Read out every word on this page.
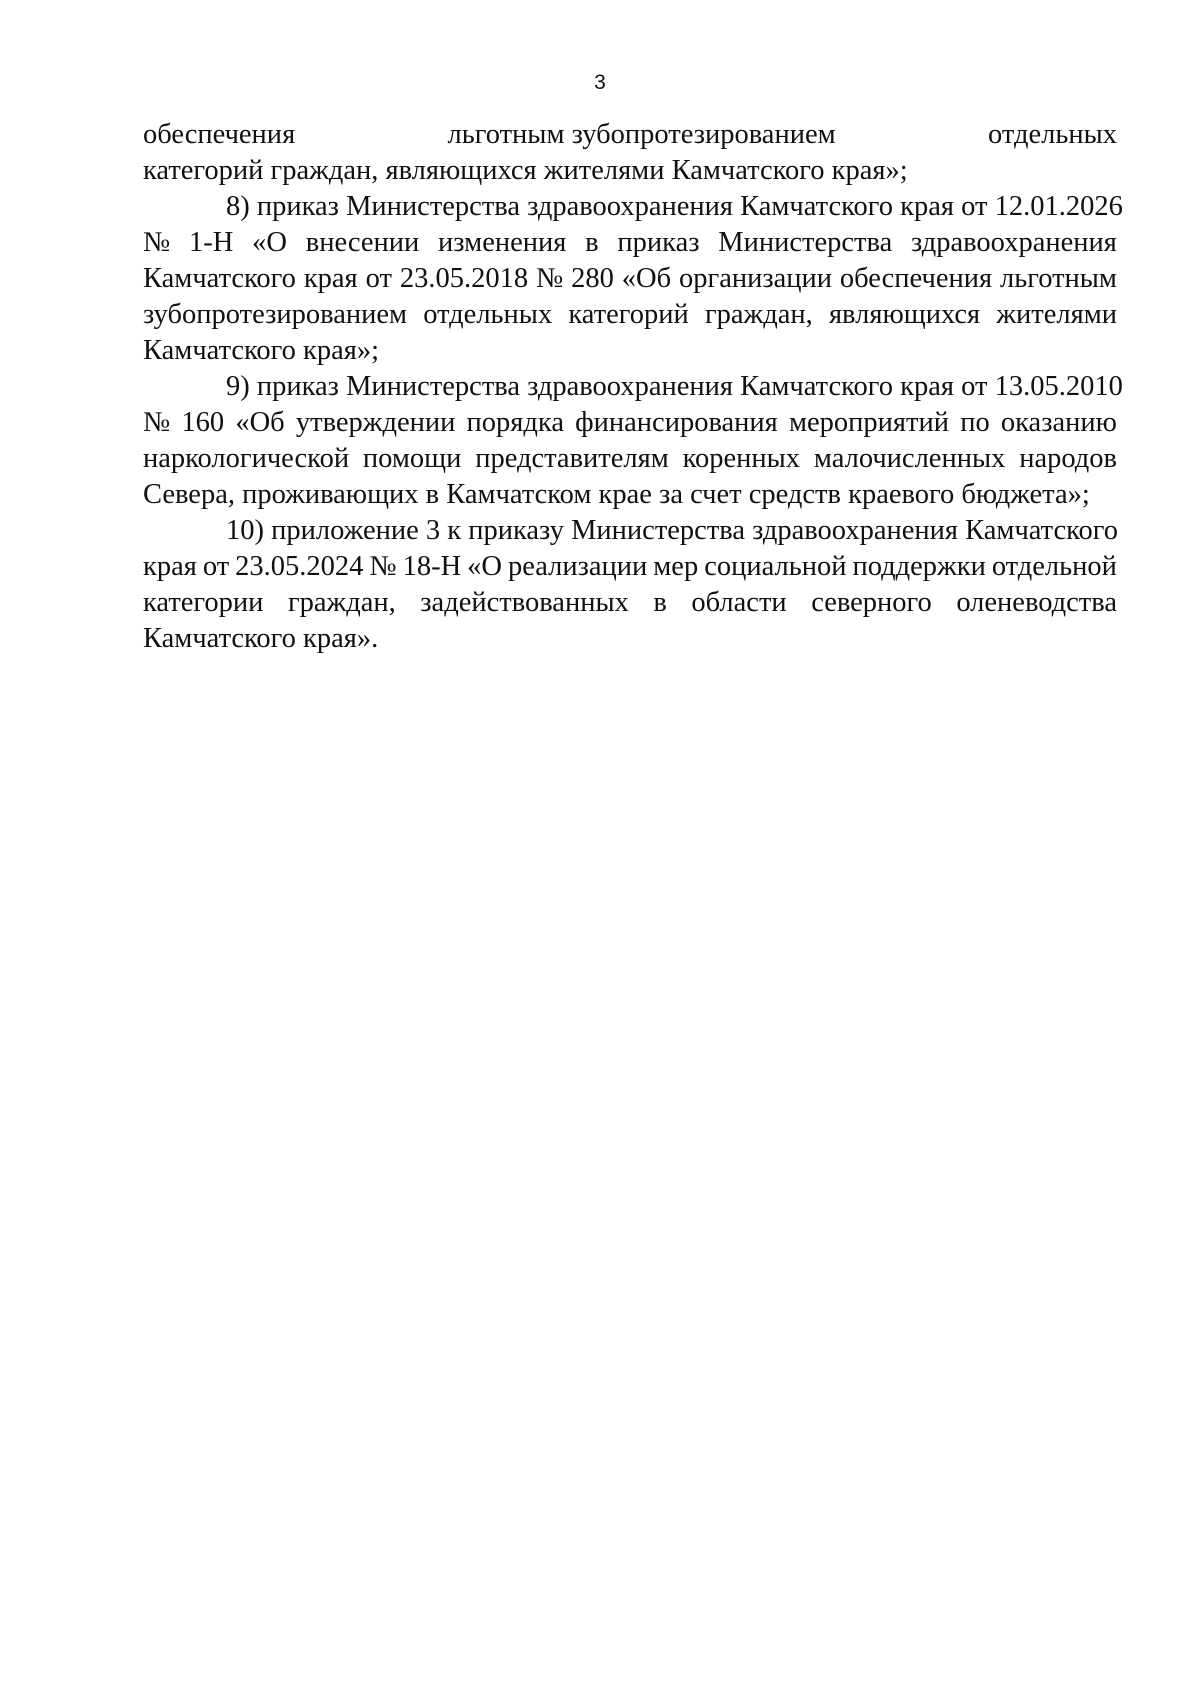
3

обеспечения	льготным зубопротезированием	отдельных
категорий граждан, являющихся жителями Камчатского края»;

8) приказ Министерства здравоохранения Камчатского края от 12.01.2026
№ 1-Н «О внесении изменения в приказ Министерства здравоохранения
Камчатского края от 23.05.2018 № 280 «Об организации обеспечения льготным
зубопротезированием отдельных категорий граждан, являющихся жителями
Камчатского края»;

9) приказ Министерства здравоохранения Камчатского края от 13.05.2010
№ 160 «Об утверждении порядка финансирования мероприятий по оказанию
наркологической помощи представителям коренных малочисленных народов
Севера, проживающих в Камчатском крае за счет средств краевого бюджета»;

10) приложение 3 к приказу Министерства здравоохранения Камчатского
края от 23.05.2024 № 18-Н «О реализации мер социальной поддержки отдельной
категории граждан, задействованных в области северного оленеводства
Камчатского края».
